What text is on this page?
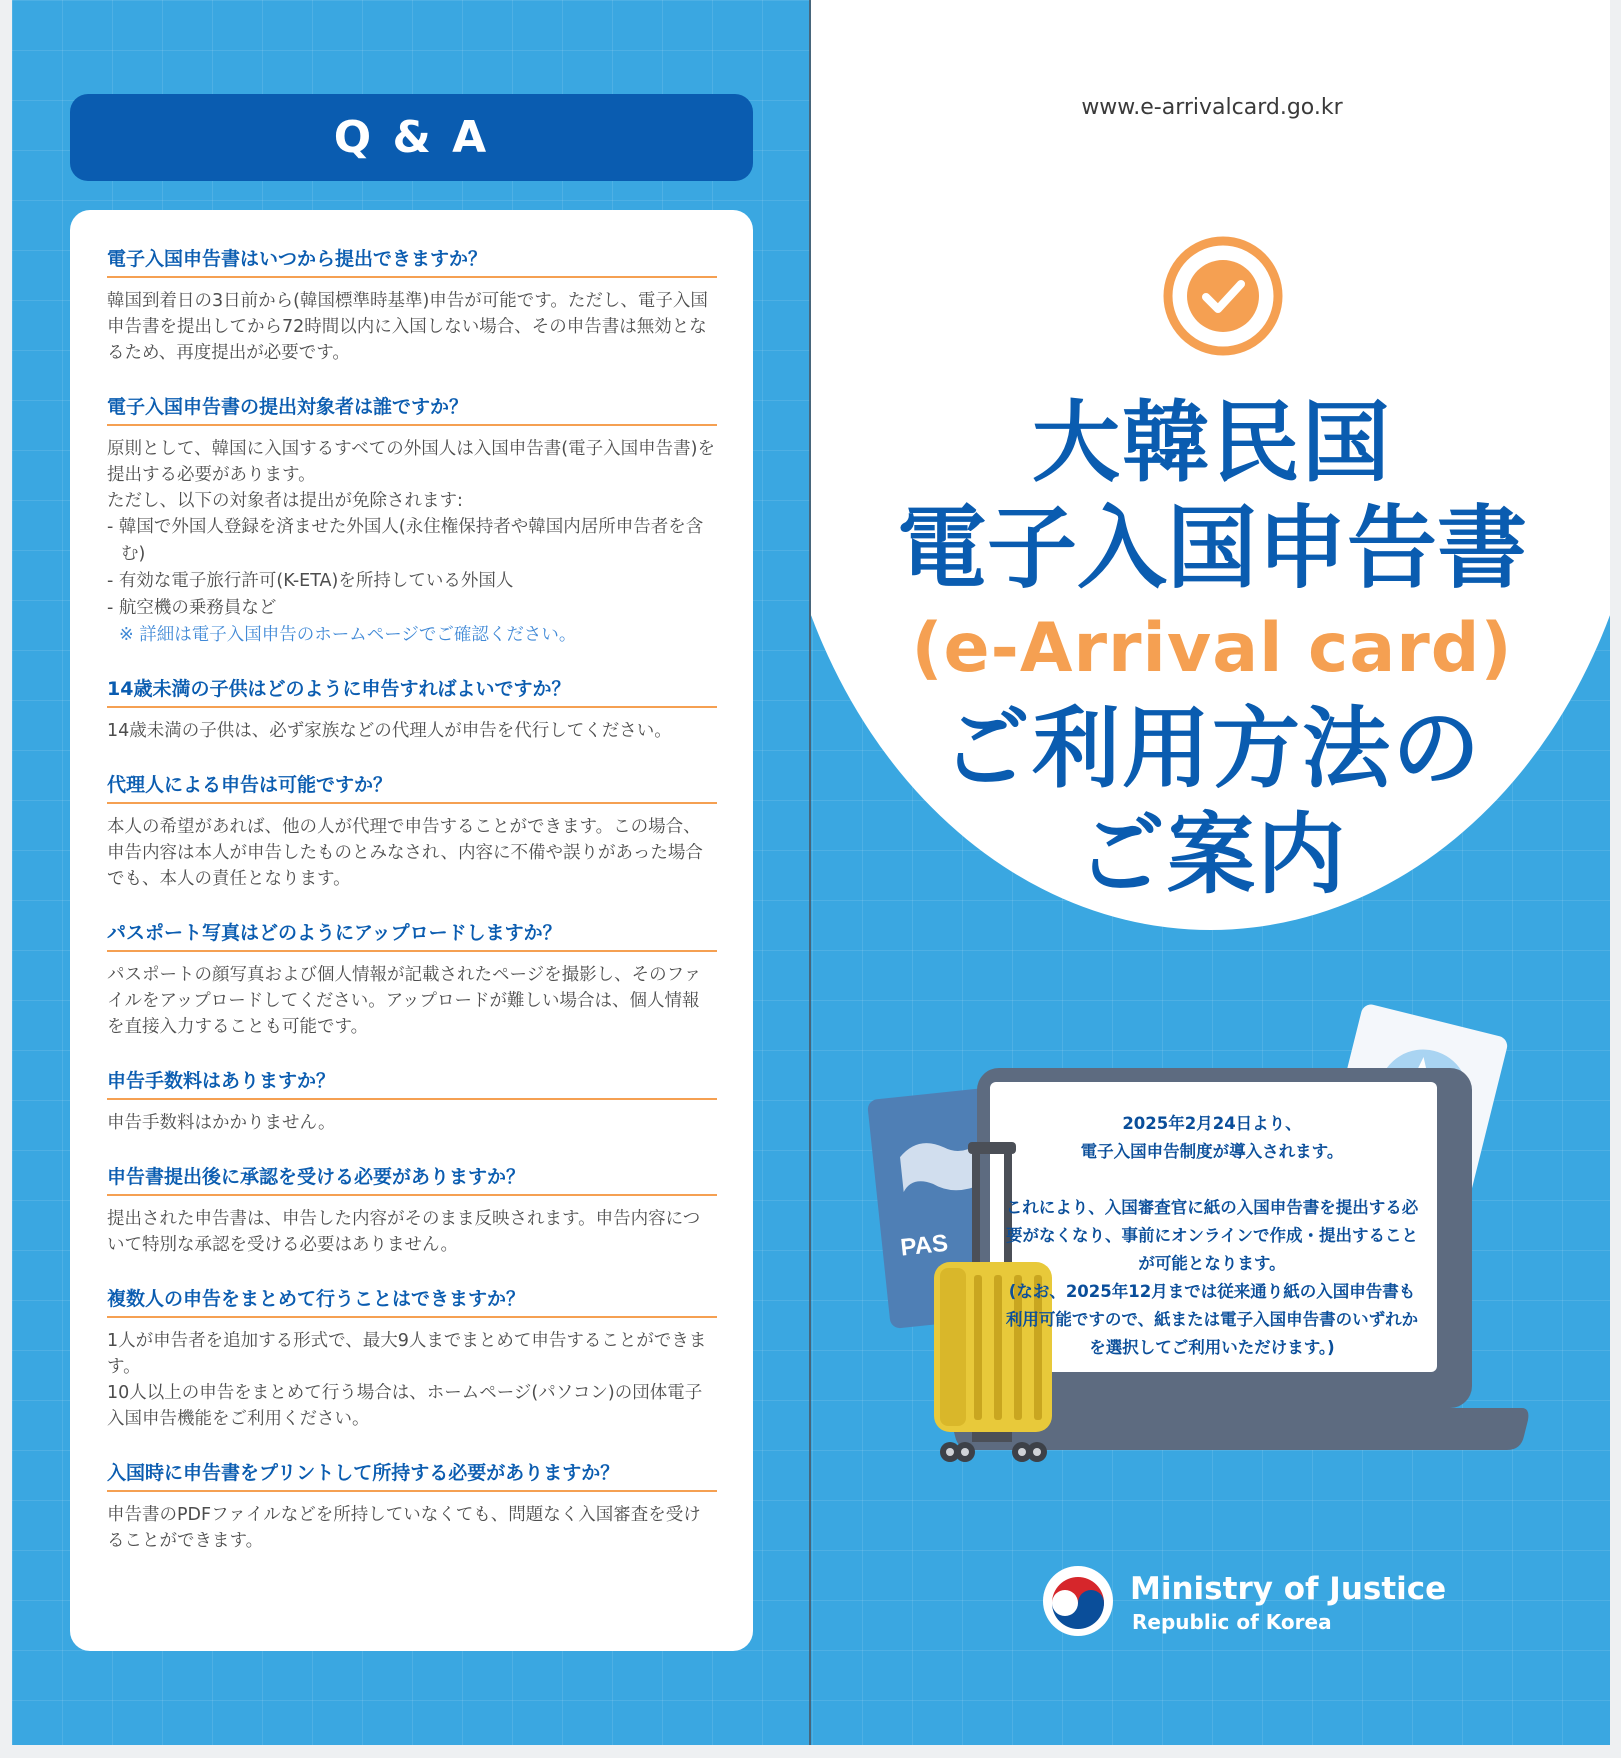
Q & A
電子入国申告書はいつから提出できますか？

韓国到着日の3日前から(韓国標準時基準)申告が可能です。ただし、電子入国申告書を提出してから72時間以内に入国しない場合、その申告書は無効となるため、再度提出が必要です。

電子入国申告書の提出対象者は誰ですか？

原則として、韓国に入国するすべての外国人は入国申告書(電子入国申告書)を提出する必要があります。

ただし、以下の対象者は提出が免除されます:

- 韓国で外国人登録を済ませた外国人(永住権保持者や韓国内居所申告者を含む)
- 有効な電子旅行許可(K-ETA)を所持している外国人
- 航空機の乗務員など

※ 詳細は電子入国申告のホームページでご確認ください。

14歳未満の子供はどのように申告すればよいですか？

14歳未満の子供は、必ず家族などの代理人が申告を代行してください。

代理人による申告は可能ですか？

本人の希望があれば、他の人が代理で申告することができます。この場合、申告内容は本人が申告したものとみなされ、内容に不備や誤りがあった場合でも、本人の責任となります。

パスポート写真はどのようにアップロードしますか？

パスポートの顔写真および個人情報が記載されたページを撮影し、そのファイルをアップロードしてください。アップロードが難しい場合は、個人情報を直接入力することも可能です。

申告手数料はありますか？

申告手数料はかかりません。

申告書提出後に承認を受ける必要がありますか？

提出された申告書は、申告した内容がそのまま反映されます。申告内容について特別な承認を受ける必要はありません。

複数人の申告をまとめて行うことはできますか？

1人が申告者を追加する形式で、最大9人までまとめて申告することができます。

10人以上の申告をまとめて行う場合は、ホームページ(パソコン)の団体電子入国申告機能をご利用ください。

入国時に申告書をプリントして所持する必要がありますか？

申告書のPDFファイルなどを所持していなくても、問題なく入国審査を受けることができます。

www.e-arrivalcard.go.kr
大韓民国
電子入国申告書
(e-Arrival card)
ご利用方法の
ご案内
PAS

2025年2月24日より、

電子入国申告制度が導入されます。

これにより、入国審査官に紙の入国申告書を提出する必要がなくなり、事前にオンラインで作成・提出することが可能となります。

(なお、2025年12月までは従来通り紙の入国申告書も利用可能ですので、紙または電子入国申告書のいずれかを選択してご利用いただけます。)

Ministry of Justice
Republic of Korea
